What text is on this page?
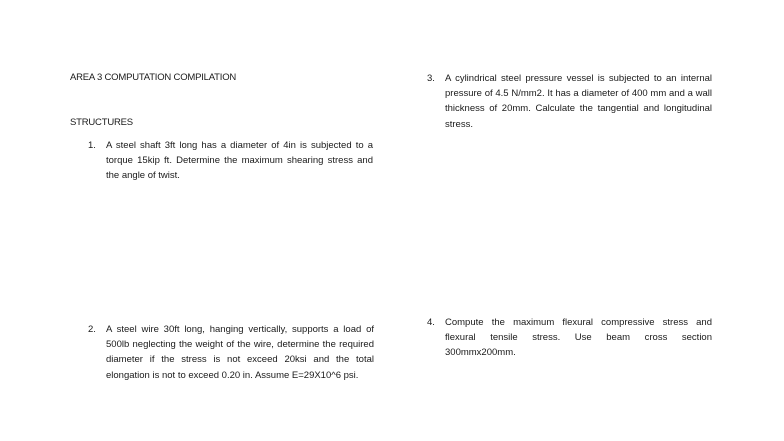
AREA 3 COMPUTATION COMPILATION
STRUCTURES
1.	A steel shaft 3ft long has a diameter of 4in is subjected to a torque 15kip ft. Determine the maximum shearing stress and the angle of twist.
2.	A steel wire 30ft long, hanging vertically, supports a load of 500lb neglecting the weight of the wire, determine the required diameter if the stress is not exceed 20ksi and the total elongation is not to exceed 0.20 in. Assume E=29X10^6 psi.
3.	A cylindrical steel pressure vessel is subjected to an internal pressure of 4.5 N/mm2. It has a diameter of 400 mm and a wall thickness of 20mm. Calculate the tangential and longitudinal stress.
4.	Compute the maximum flexural compressive stress and flexural tensile stress. Use beam cross section 300mmx200mm.
